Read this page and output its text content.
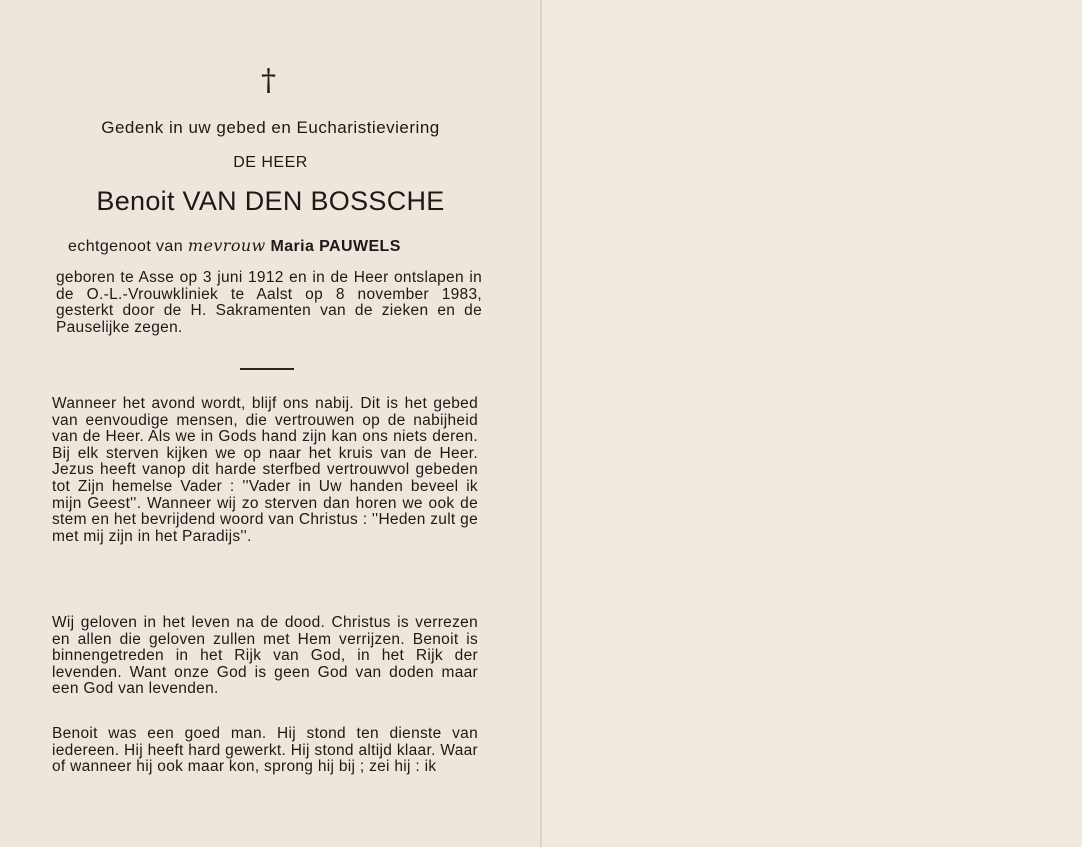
†
Gedenk in uw gebed en Eucharistieviering
DE HEER
Benoit VAN DEN BOSSCHE
echtgenoot van mevrouw Maria PAUWELS
geboren te Asse op 3 juni 1912 en in de Heer ontslapen in de O.-L.-Vrouwkliniek te Aalst op 8 november 1983, gesterkt door de H. Sakramenten van de zieken en de Pauselijke zegen.

Wanneer het avond wordt, blijf ons nabij. Dit is het gebed van eenvoudige mensen, die vertrouwen op de nabijheid van de Heer. Als we in Gods hand zijn kan ons niets deren. Bij elk sterven kijken we op naar het kruis van de Heer. Jezus heeft vanop dit harde sterfbed vertrouwvol gebeden tot Zijn hemelse Vader : ''Vader in Uw handen beveel ik mijn Geest''. Wanneer wij zo sterven dan horen we ook de stem en het bevrijdend woord van Christus : ''Heden zult ge met mij zijn in het Paradijs''.

Wij geloven in het leven na de dood. Christus is verrezen en allen die geloven zullen met Hem verrijzen. Benoit is binnengetreden in het Rijk van God, in het Rijk der levenden. Want onze God is geen God van doden maar een God van levenden.

Benoit was een goed man. Hij stond ten dienste van iedereen. Hij heeft hard gewerkt. Hij stond altijd klaar. Waar of wanneer hij ook maar kon, sprong hij bij ; zei hij : ik
